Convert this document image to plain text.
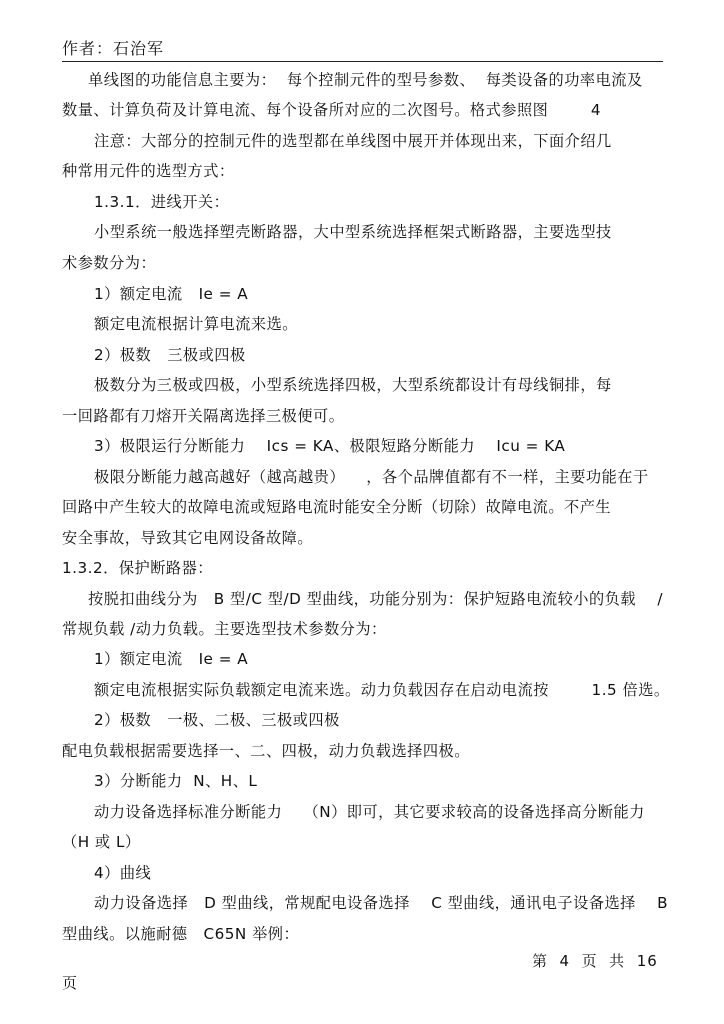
作者：石治军
单线图的功能信息主要为：  每个控制元件的型号参数、  每类设备的功率电流及
数量、计算负荷及计算电流、每个设备所对应的二次图号。格式参照图        4
注意：大部分的控制元件的选型都在单线图中展开并体现出来，下面介绍几
种常用元件的选型方式：
1.3.1．进线开关：
小型系统一般选择塑壳断路器，大中型系统选择框架式断路器，主要选型技
术参数分为：
1）额定电流   Ie = A
额定电流根据计算电流来选。
2）极数   三极或四极
极数分为三极或四极，小型系统选择四极，大型系统都设计有母线铜排，每
一回路都有刀熔开关隔离选择三极便可。
3）极限运行分断能力    Ics = KA、极限短路分断能力    Icu = KA
极限分断能力越高越好（越高越贵）    ，各个品牌值都有不一样，主要功能在于
回路中产生较大的故障电流或短路电流时能安全分断（切除）故障电流。不产生
安全事故，导致其它电网设备故障。
1.3.2．保护断路器：
按脱扣曲线分为   B 型/C 型/D 型曲线，功能分别为：保护短路电流较小的负载    /
常规负载 /动力负载。主要选型技术参数分为：
1）额定电流   Ie = A
额定电流根据实际负载额定电流来选。动力负载因存在启动电流按        1.5 倍选。
2）极数   一极、二极、三极或四极
配电负载根据需要选择一、二、四极，动力负载选择四极。
3）分断能力  N、H、L
动力设备选择标准分断能力    （N）即可，其它要求较高的设备选择高分断能力
（H 或 L）
4）曲线
动力设备选择   D 型曲线，常规配电设备选择    C 型曲线，通讯电子设备选择    B
型曲线。以施耐德   C65N 举例：
第  4  页  共  16
页
